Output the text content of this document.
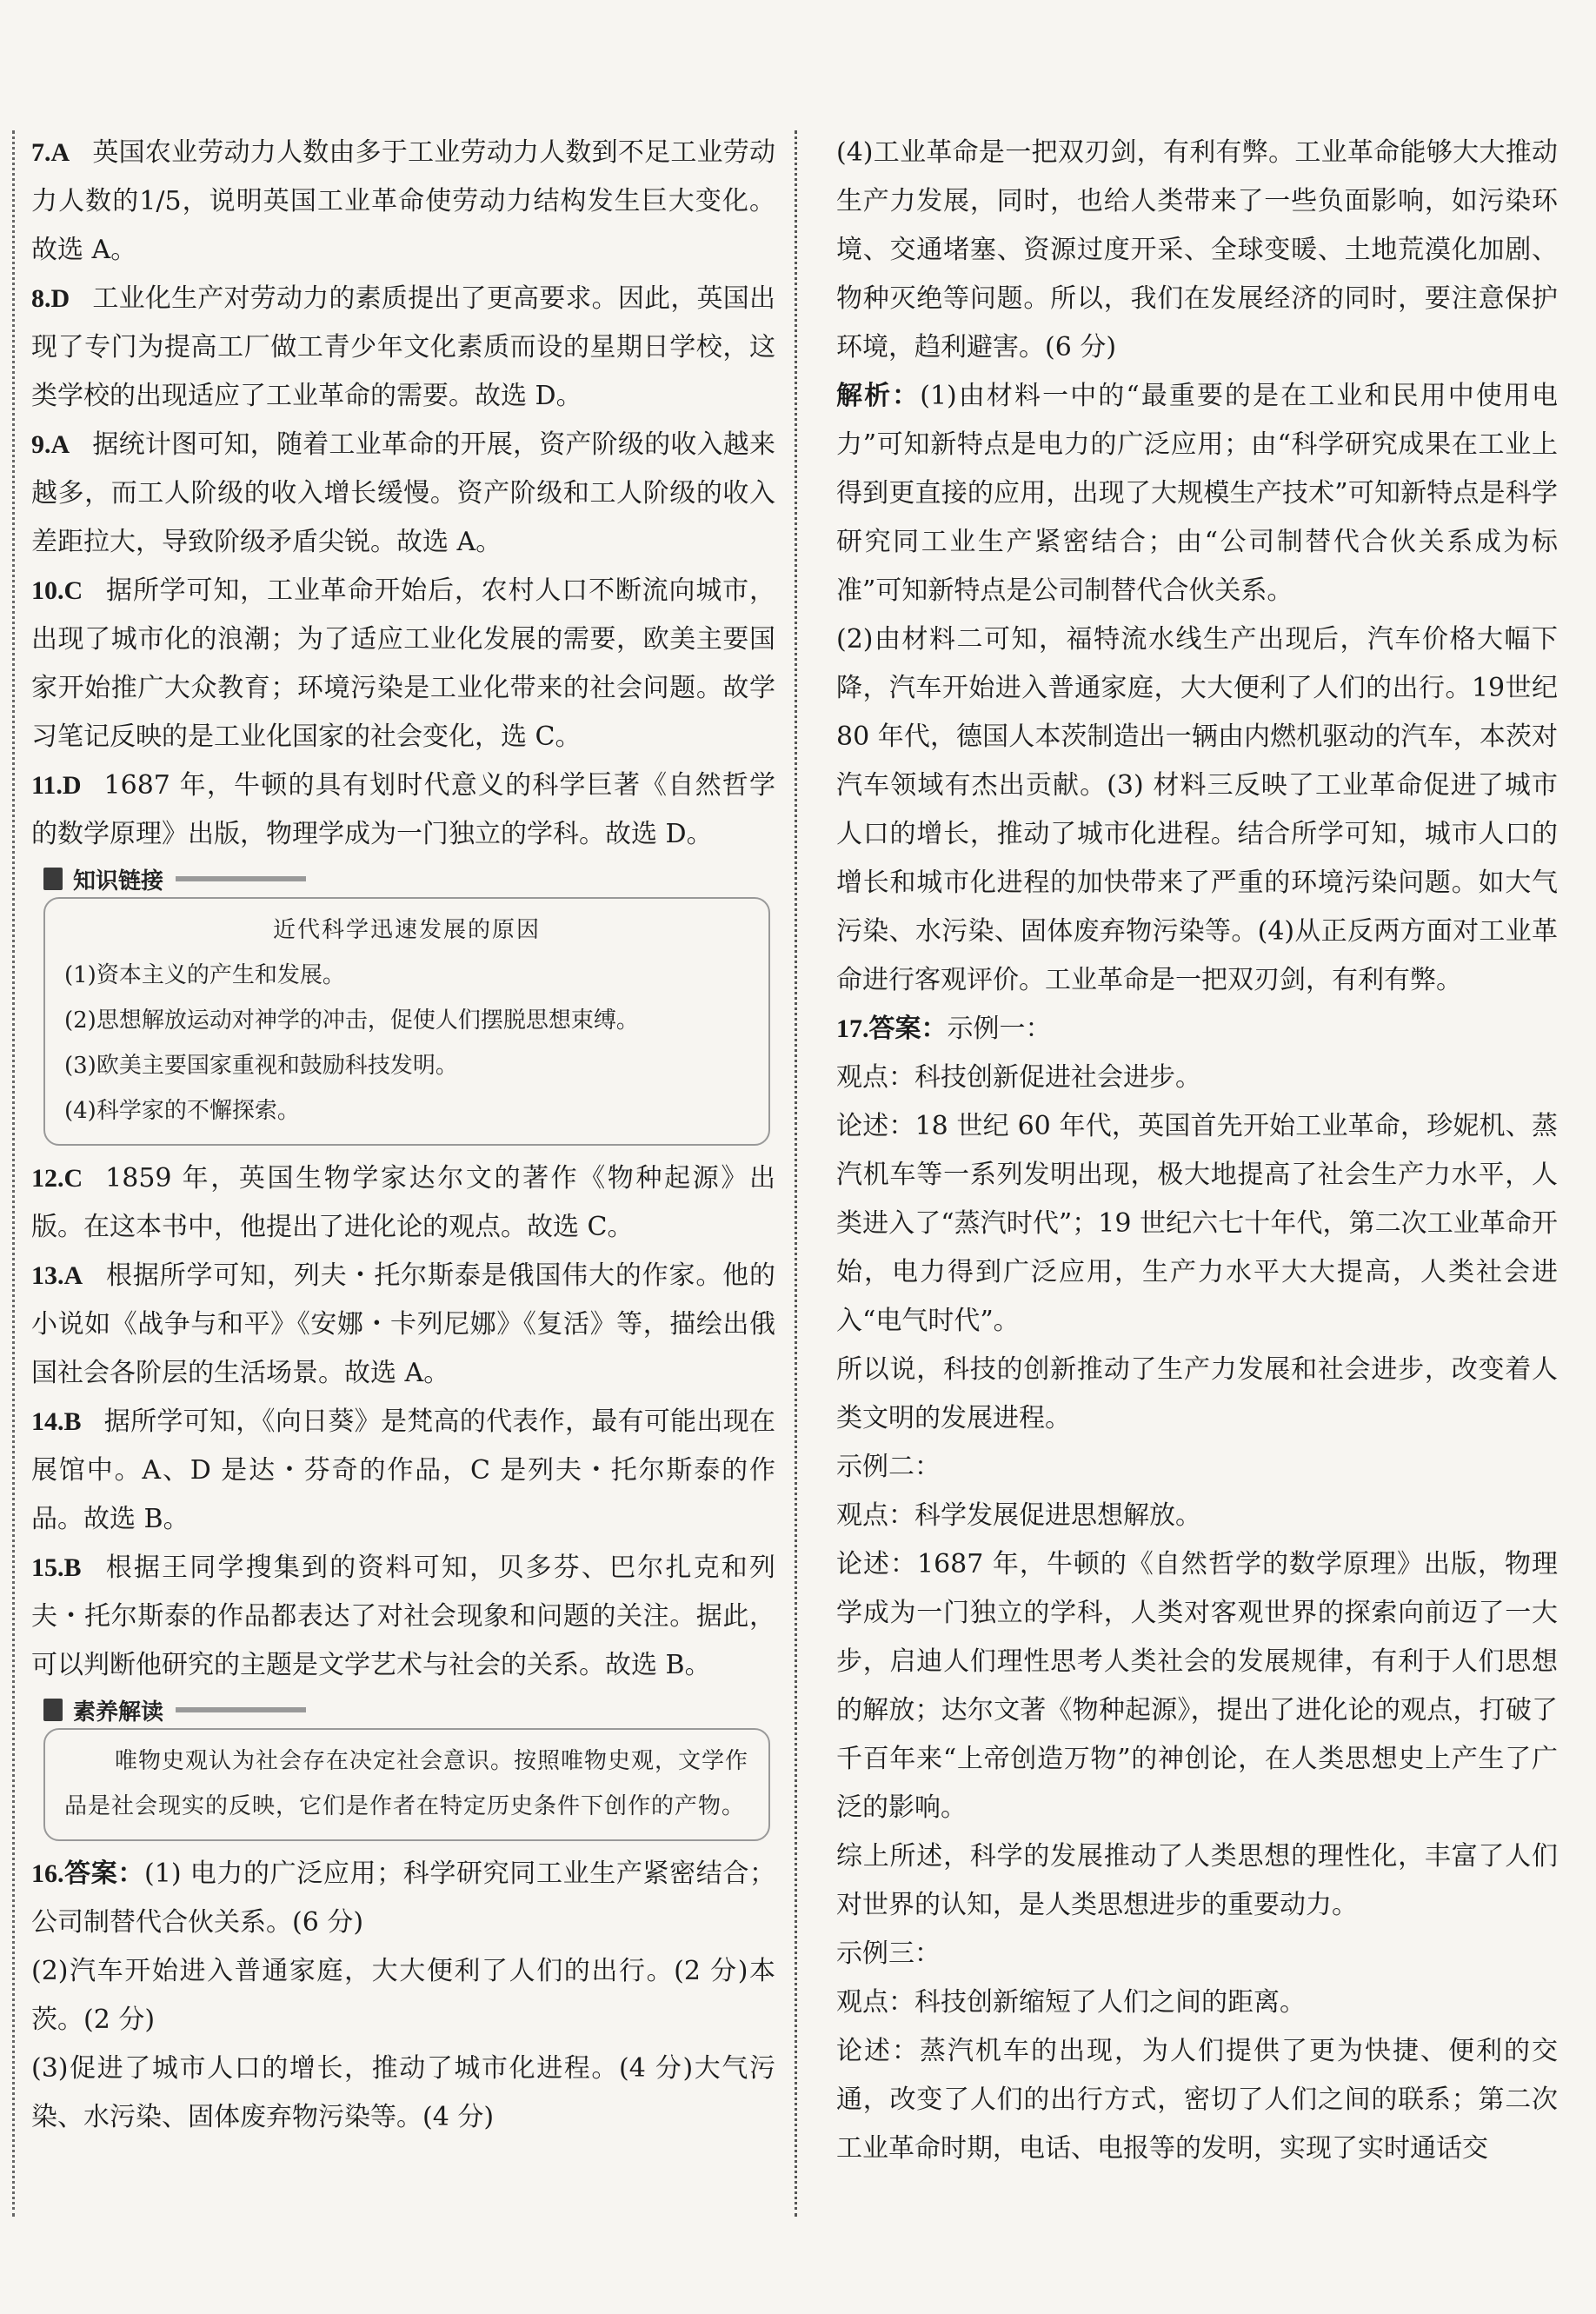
7.A 英国农业劳动力人数由多于工业劳动力人数到不足工业劳动力人数的1/5，说明英国工业革命使劳动力结构发生巨大变化。故选 A。
8.D 工业化生产对劳动力的素质提出了更高要求。因此，英国出现了专门为提高工厂做工青少年文化素质而设的星期日学校，这类学校的出现适应了工业革命的需要。故选 D。
9.A 据统计图可知，随着工业革命的开展，资产阶级的收入越来越多，而工人阶级的收入增长缓慢。资产阶级和工人阶级的收入差距拉大，导致阶级矛盾尖锐。故选 A。
10.C 据所学可知，工业革命开始后，农村人口不断流向城市，出现了城市化的浪潮；为了适应工业化发展的需要，欧美主要国家开始推广大众教育；环境污染是工业化带来的社会问题。故学习笔记反映的是工业化国家的社会变化，选 C。
11.D 1687 年，牛顿的具有划时代意义的科学巨著《自然哲学的数学原理》出版，物理学成为一门独立的学科。故选 D。
知识链接
近代科学迅速发展的原因
(1)资本主义的产生和发展。
(2)思想解放运动对神学的冲击，促使人们摆脱思想束缚。
(3)欧美主要国家重视和鼓励科技发明。
(4)科学家的不懈探索。
12.C 1859 年，英国生物学家达尔文的著作《物种起源》出版。在这本书中，他提出了进化论的观点。故选 C。
13.A 根据所学可知，列夫・托尔斯泰是俄国伟大的作家。他的小说如《战争与和平》《安娜・卡列尼娜》《复活》等，描绘出俄国社会各阶层的生活场景。故选 A。
14.B 据所学可知，《向日葵》是梵高的代表作，最有可能出现在展馆中。A、D 是达・芬奇的作品，C 是列夫・托尔斯泰的作品。故选 B。
15.B 根据王同学搜集到的资料可知，贝多芬、巴尔扎克和列夫・托尔斯泰的作品都表达了对社会现象和问题的关注。据此，可以判断他研究的主题是文学艺术与社会的关系。故选 B。
素养解读
唯物史观认为社会存在决定社会意识。按照唯物史观，文学作品是社会现实的反映，它们是作者在特定历史条件下创作的产物。
16.答案：(1) 电力的广泛应用；科学研究同工业生产紧密结合；公司制替代合伙关系。(6 分)
(2)汽车开始进入普通家庭，大大便利了人们的出行。(2 分)本茨。(2 分)
(3)促进了城市人口的增长，推动了城市化进程。(4 分)大气污染、水污染、固体废弃物污染等。(4 分)
(4)工业革命是一把双刃剑，有利有弊。工业革命能够大大推动生产力发展，同时，也给人类带来了一些负面影响，如污染环境、交通堵塞、资源过度开采、全球变暖、土地荒漠化加剧、物种灭绝等问题。所以，我们在发展经济的同时，要注意保护环境，趋利避害。(6 分)
解析：(1)由材料一中的“最重要的是在工业和民用中使用电力”可知新特点是电力的广泛应用；由“科学研究成果在工业上得到更直接的应用，出现了大规模生产技术”可知新特点是科学研究同工业生产紧密结合；由“公司制替代合伙关系成为标准”可知新特点是公司制替代合伙关系。
(2)由材料二可知，福特流水线生产出现后，汽车价格大幅下降，汽车开始进入普通家庭，大大便利了人们的出行。19世纪 80 年代，德国人本茨制造出一辆由内燃机驱动的汽车，本茨对汽车领域有杰出贡献。(3) 材料三反映了工业革命促进了城市人口的增长，推动了城市化进程。结合所学可知，城市人口的增长和城市化进程的加快带来了严重的环境污染问题。如大气污染、水污染、固体废弃物污染等。(4)从正反两方面对工业革命进行客观评价。工业革命是一把双刃剑，有利有弊。
17.答案：示例一：
观点：科技创新促进社会进步。
论述：18 世纪 60 年代，英国首先开始工业革命，珍妮机、蒸汽机车等一系列发明出现，极大地提高了社会生产力水平，人类进入了“蒸汽时代”；19 世纪六七十年代，第二次工业革命开始，电力得到广泛应用，生产力水平大大提高，人类社会进入“电气时代”。
所以说，科技的创新推动了生产力发展和社会进步，改变着人类文明的发展进程。
示例二：
观点：科学发展促进思想解放。
论述：1687 年，牛顿的《自然哲学的数学原理》出版，物理学成为一门独立的学科，人类对客观世界的探索向前迈了一大步，启迪人们理性思考人类社会的发展规律，有利于人们思想的解放；达尔文著《物种起源》，提出了进化论的观点，打破了千百年来“上帝创造万物”的神创论，在人类思想史上产生了广泛的影响。
综上所述，科学的发展推动了人类思想的理性化，丰富了人们对世界的认知，是人类思想进步的重要动力。
示例三：
观点：科技创新缩短了人们之间的距离。
论述：蒸汽机车的出现，为人们提供了更为快捷、便利的交通，改变了人们的出行方式，密切了人们之间的联系；第二次工业革命时期，电话、电报等的发明，实现了实时通话交
